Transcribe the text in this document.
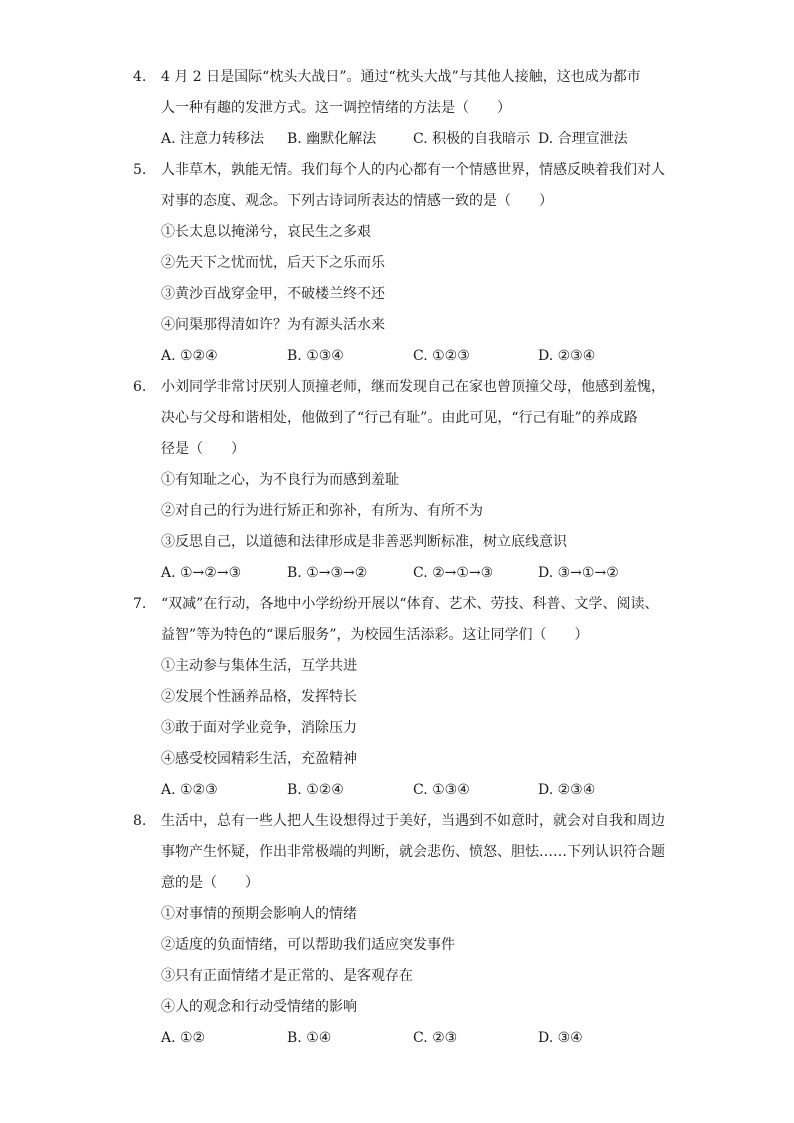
4. 4 月 2 日是国际“枕头大战日”。通过“枕头大战”与其他人接触，这也成为都市
人一种有趣的发泄方式。这一调控情绪的方法是（　　）
A. 注意力转移法 B. 幽默化解法	C. 积极的自我暗示 D. 合理宣泄法
5. 人非草木，孰能无情。我们每个人的内心都有一个情感世界，情感反映着我们对人
对事的态度、观念。下列古诗词所表达的情感一致的是（　　）
①长太息以掩涕兮，哀民生之多艰
②先天下之忧而忧，后天下之乐而乐
③黄沙百战穿金甲，不破楼兰终不还
④问渠那得清如许？为有源头活水来
A. ①②④	B. ①③④	C. ①②③	D. ②③④
6. 小刘同学非常讨厌别人顶撞老师，继而发现自己在家也曾顶撞父母，他感到羞愧，
决心与父母和谐相处，他做到了“行己有耻”。由此可见，“行己有耻”的养成路
径是（　　）
①有知耻之心，为不良行为而感到羞耻
②对自己的行为进行矫正和弥补，有所为、有所不为
③反思自己，以道德和法律形成是非善恶判断标准，树立底线意识
A. ①→②→③	B. ①→③→②	C. ②→①→③	D. ③→①→②
7. “双减”在行动，各地中小学纷纷开展以“体育、艺术、劳技、科普、文学、阅读、
益智”等为特色的“课后服务”，为校园生活添彩。这让同学们（　　）
①主动参与集体生活，互学共进
②发展个性涵养品格，发挥特长
③敢于面对学业竞争，消除压力
④感受校园精彩生活，充盈精神
A. ①②③	B. ①②④	C. ①③④	D. ②③④
8. 生活中，总有一些人把人生设想得过于美好，当遇到不如意时，就会对自我和周边
事物产生怀疑，作出非常极端的判断，就会悲伤、愤怒、胆怯……下列认识符合题
意的是（　　）
①对事情的预期会影响人的情绪
②适度的负面情绪，可以帮助我们适应突发事件
③只有正面情绪才是正常的、是客观存在
④人的观念和行动受情绪的影响
A. ①②	B. ①④	C. ②③	D. ③④
